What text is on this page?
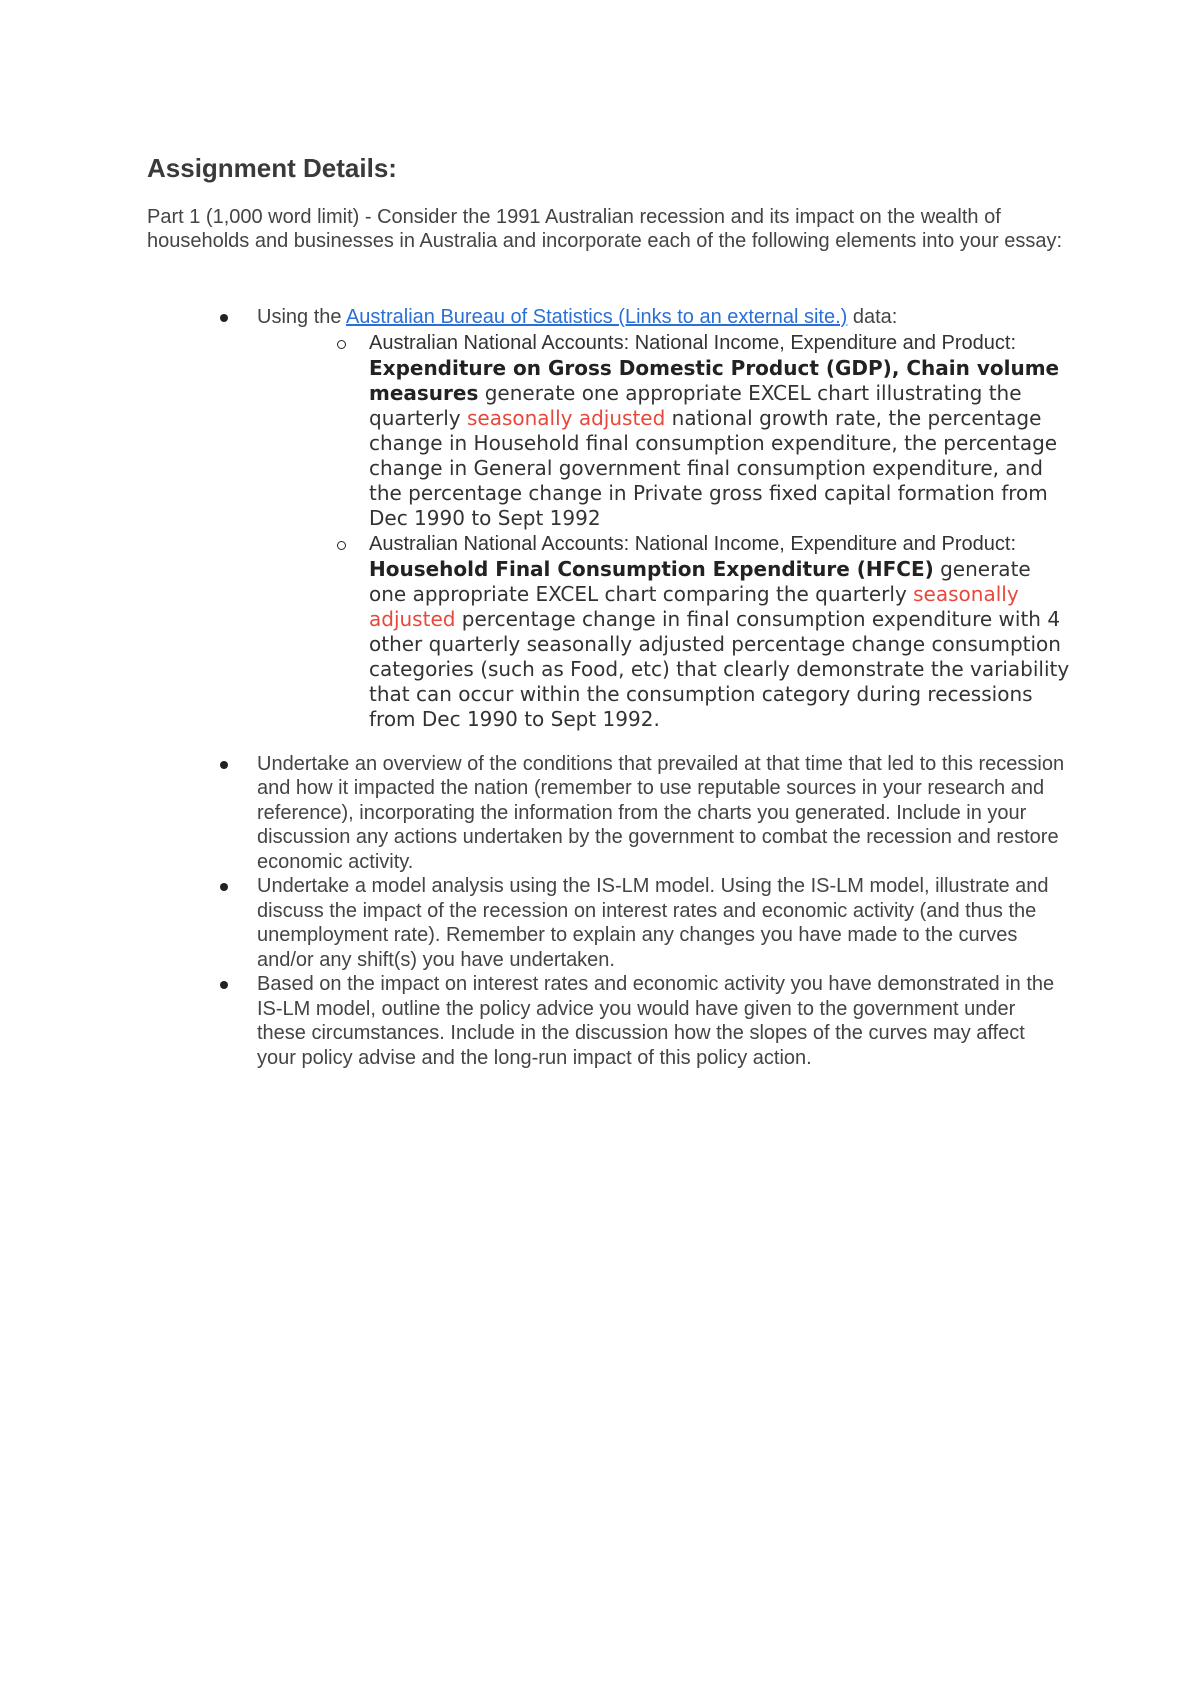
Assignment Details:

Part 1 (1,000 word limit) - Consider the 1991 Australian recession and its impact on the wealth of households and businesses in Australia and incorporate each of the following elements into your essay:

Using the Australian Bureau of Statistics (Links to an external site.) data:
Australian National Accounts: National Income, Expenditure and Product: Expenditure on Gross Domestic Product (GDP), Chain volume measures generate one appropriate EXCEL chart illustrating the quarterly seasonally adjusted national growth rate, the percentage change in Household final consumption expenditure, the percentage change in General government final consumption expenditure, and the percentage change in Private gross fixed capital formation from Dec 1990 to Sept 1992
Australian National Accounts: National Income, Expenditure and Product: Household Final Consumption Expenditure (HFCE) generate one appropriate EXCEL chart comparing the quarterly seasonally adjusted percentage change in final consumption expenditure with 4 other quarterly seasonally adjusted percentage change consumption categories (such as Food, etc) that clearly demonstrate the variability that can occur within the consumption category during recessions from Dec 1990 to Sept 1992.
Undertake an overview of the conditions that prevailed at that time that led to this recession and how it impacted the nation (remember to use reputable sources in your research and reference), incorporating the information from the charts you generated. Include in your discussion any actions undertaken by the government to combat the recession and restore economic activity.
Undertake a model analysis using the IS-LM model. Using the IS-LM model, illustrate and discuss the impact of the recession on interest rates and economic activity (and thus the unemployment rate). Remember to explain any changes you have made to the curves and/or any shift(s) you have undertaken.
Based on the impact on interest rates and economic activity you have demonstrated in the IS-LM model, outline the policy advice you would have given to the government under these circumstances. Include in the discussion how the slopes of the curves may affect your policy advise and the long-run impact of this policy action.
